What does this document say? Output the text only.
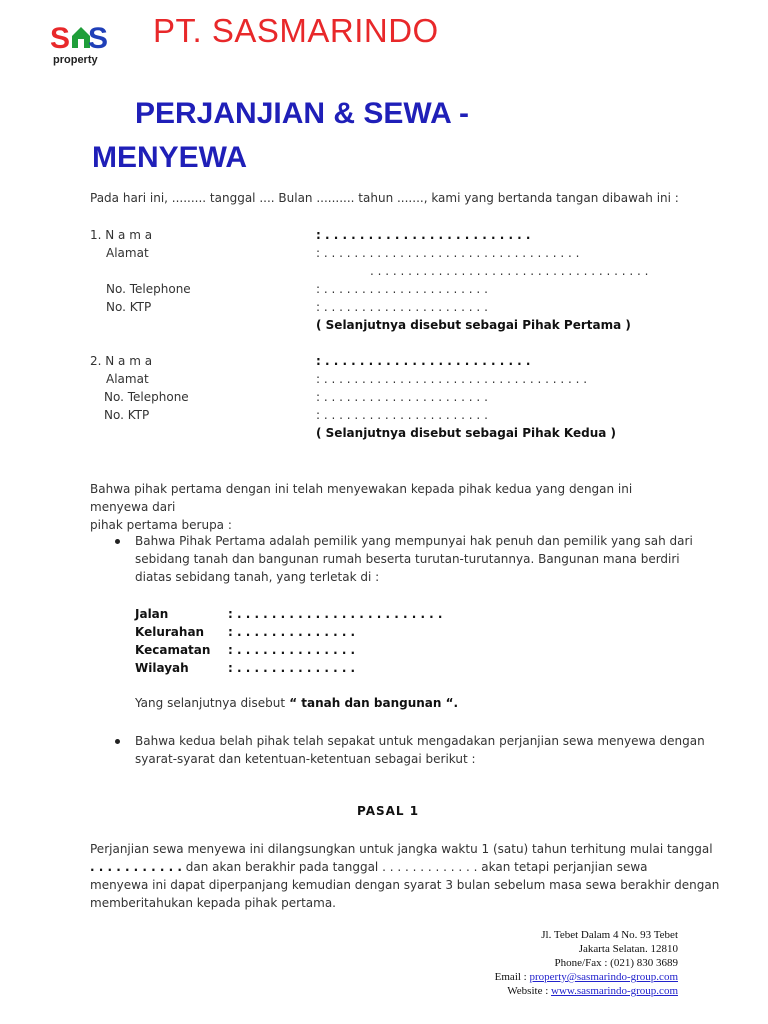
S S
property
PT. SASMARINDO
PERJANJIAN & SEWA -
MENYEWA
Pada hari ini, ......... tanggal .... Bulan .......... tahun ......., kami yang bertanda tangan dibawah ini :
1. N a m a	: . . . . . . . . . . . . . . . . . . . . . . . .
Alamat	: . . . . . . . . . . . . . . . . . . . . . . . . . . . . . . . . . .
. . . . . . . . . . . . . . . . . . . . . . . . . . . . . . . . . . . . .
No. Telephone	: . . . . . . . . . . . . . . . . . . . . . .
No. KTP	: . . . . . . . . . . . . . . . . . . . . . .
( Selanjutnya disebut sebagai Pihak Pertama )
2. N a m a	: . . . . . . . . . . . . . . . . . . . . . . . .
Alamat	: . . . . . . . . . . . . . . . . . . . . . . . . . . . . . . . . . . .
No. Telephone	: . . . . . . . . . . . . . . . . . . . . . .
No. KTP	: . . . . . . . . . . . . . . . . . . . . . .
( Selanjutnya disebut sebagai Pihak Kedua )
Bahwa pihak pertama dengan ini telah menyewakan kepada pihak kedua yang dengan ini menyewa dari
pihak pertama berupa :
Bahwa Pihak Pertama adalah pemilik yang mempunyai hak penuh dan pemilik yang sah dari
sebidang tanah dan bangunan rumah beserta turutan-turutannya. Bangunan mana berdiri
diatas sebidang tanah, yang terletak di :
Jalan	: . . . . . . . . . . . . . . . . . . . . . . . .
Kelurahan : . . . . . . . . . . . . . .
Kecamatan : . . . . . . . . . . . . . .
Wilayah	: . . . . . . . . . . . . . .
Yang selanjutnya disebut “ tanah dan bangunan “.
Bahwa kedua belah pihak telah sepakat untuk mengadakan perjanjian sewa menyewa dengan
syarat-syarat dan ketentuan-ketentuan sebagai berikut :
PASAL 1
Perjanjian sewa menyewa ini dilangsungkan untuk jangka waktu 1 (satu) tahun terhitung mulai tanggal
. . . . . . . . . . . dan akan berakhir pada tanggal . . . . . . . . . . . . . akan tetapi perjanjian sewa
menyewa ini dapat diperpanjang kemudian dengan syarat 3 bulan sebelum masa sewa berakhir dengan
memberitahukan kepada pihak pertama.
Jl. Tebet Dalam 4 No. 93 Tebet
Jakarta Selatan. 12810
Phone/Fax : (021) 830 3689
Email : property@sasmarindo-group.com
Website : www.sasmarindo-group.com
